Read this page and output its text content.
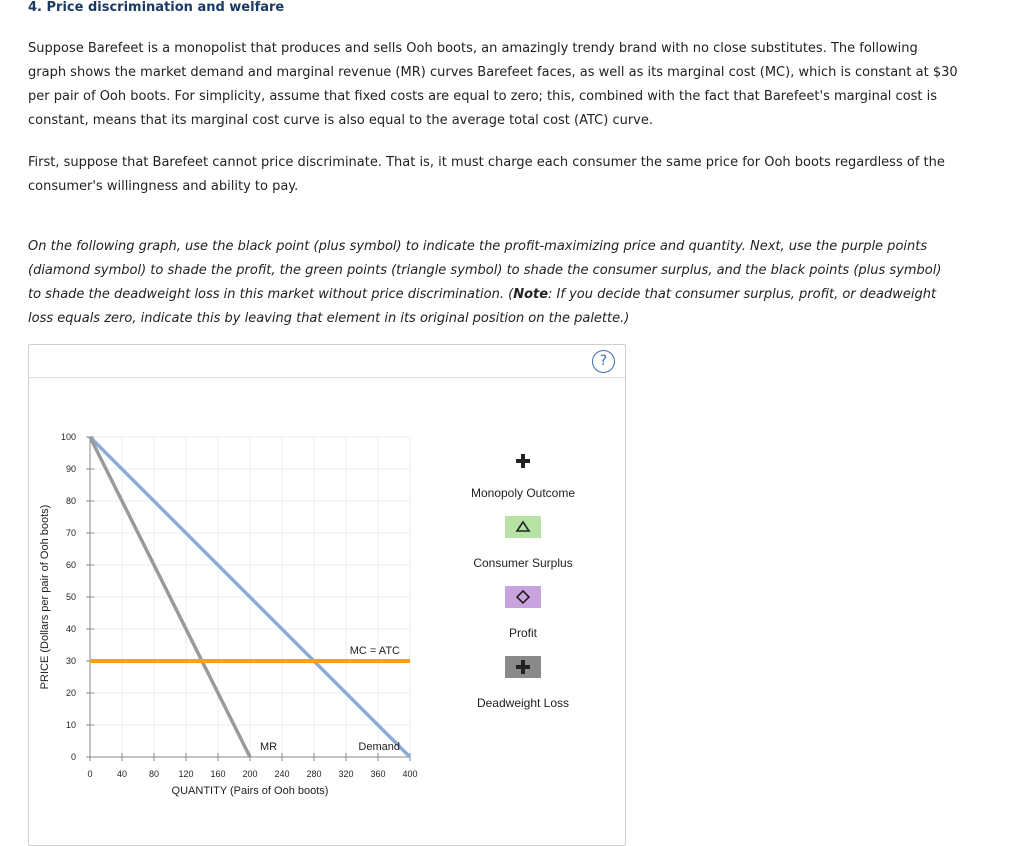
4. Price discrimination and welfare

Suppose Barefeet is a monopolist that produces and sells Ooh boots, an amazingly trendy brand with no close substitutes. The following graph shows the market demand and marginal revenue (MR) curves Barefeet faces, as well as its marginal cost (MC), which is constant at $30 per pair of Ooh boots. For simplicity, assume that fixed costs are equal to zero; this, combined with the fact that Barefeet's marginal cost is constant, means that its marginal cost curve is also equal to the average total cost (ATC) curve.

First, suppose that Barefeet cannot price discriminate. That is, it must charge each consumer the same price for Ooh boots regardless of the consumer's willingness and ability to pay.

On the following graph, use the black point (plus symbol) to indicate the profit-maximizing price and quantity. Next, use the purple points (diamond symbol) to shade the profit, the green points (triangle symbol) to shade the consumer surplus, and the black points (plus symbol) to shade the deadweight loss in this market without price discrimination. (Note: If you decide that consumer surplus, profit, or deadweight loss equals zero, indicate this by leaving that element in its original position on the palette.)

?
0	40 80 120 160 200 240 280 320 360 400
0
10
20
30
40
50
60
70
80
90
100
Demand
MR
MC = ATC
PRICE (Dollars per pair of Ooh boots)
QUANTITY (Pairs of Ooh boots)
Monopoly Outcome
Consumer Surplus
Profit
Deadweight Loss
